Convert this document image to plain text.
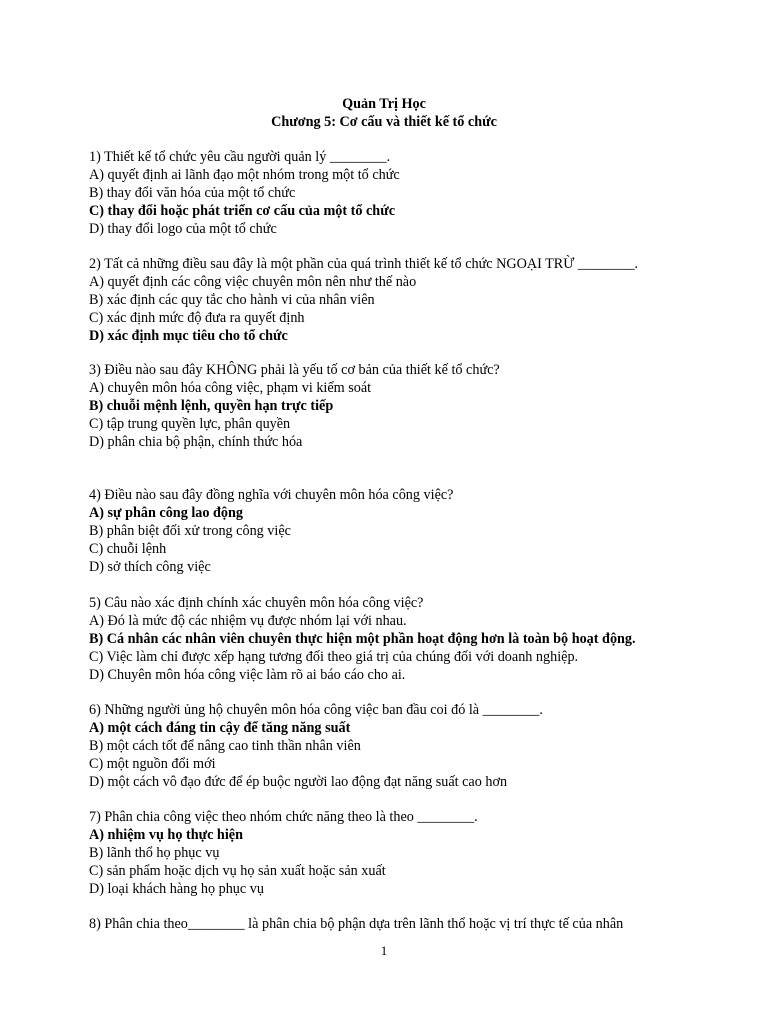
Quản Trị Học
Chương 5: Cơ cấu và thiết kế tổ chức
1) Thiết kế tổ chức yêu cầu người quản lý ________.
A) quyết định ai lãnh đạo một nhóm trong một tổ chức
B) thay đổi văn hóa của một tổ chức
C) thay đổi hoặc phát triển cơ cấu của một tổ chức
D) thay đổi logo của một tổ chức
2) Tất cả những điều sau đây là một phần của quá trình thiết kế tổ chức NGOẠI TRỪ ________.
A) quyết định các công việc chuyên môn nên như thế nào
B) xác định các quy tắc cho hành vi của nhân viên
C) xác định mức độ đưa ra quyết định
D) xác định mục tiêu cho tổ chức
3) Điều nào sau đây KHÔNG phải là yếu tố cơ bản của thiết kế tổ chức?
A) chuyên môn hóa công việc, phạm vi kiểm soát
B) chuỗi mệnh lệnh, quyền hạn trực tiếp
C) tập trung quyền lực, phân quyền
D) phân chia bộ phận, chính thức hóa
4) Điều nào sau đây đồng nghĩa với chuyên môn hóa công việc?
A) sự phân công lao động
B) phân biệt đối xử trong công việc
C) chuỗi lệnh
D) sở thích công việc
5) Câu nào xác định chính xác chuyên môn hóa công việc?
A) Đó là mức độ các nhiệm vụ được nhóm lại với nhau.
B) Cá nhân các nhân viên chuyên thực hiện một phần hoạt động hơn là toàn bộ hoạt động.
C) Việc làm chỉ được xếp hạng tương đối theo giá trị của chúng đối với doanh nghiệp.
D) Chuyên môn hóa công việc làm rõ ai báo cáo cho ai.
6) Những người ủng hộ chuyên môn hóa công việc ban đầu coi đó là ________.
A) một cách đáng tin cậy để tăng năng suất
B) một cách tốt để nâng cao tinh thần nhân viên
C) một nguồn đổi mới
D) một cách vô đạo đức để ép buộc người lao động đạt năng suất cao hơn
7) Phân chia công việc theo nhóm chức năng theo là theo ________.
A) nhiệm vụ họ thực hiện
B) lãnh thổ họ phục vụ
C) sản phẩm hoặc dịch vụ họ sản xuất hoặc sản xuất
D) loại khách hàng họ phục vụ
8) Phân chia theo________ là phân chia bộ phận dựa trên lãnh thổ hoặc vị trí thực tế của nhân
1
